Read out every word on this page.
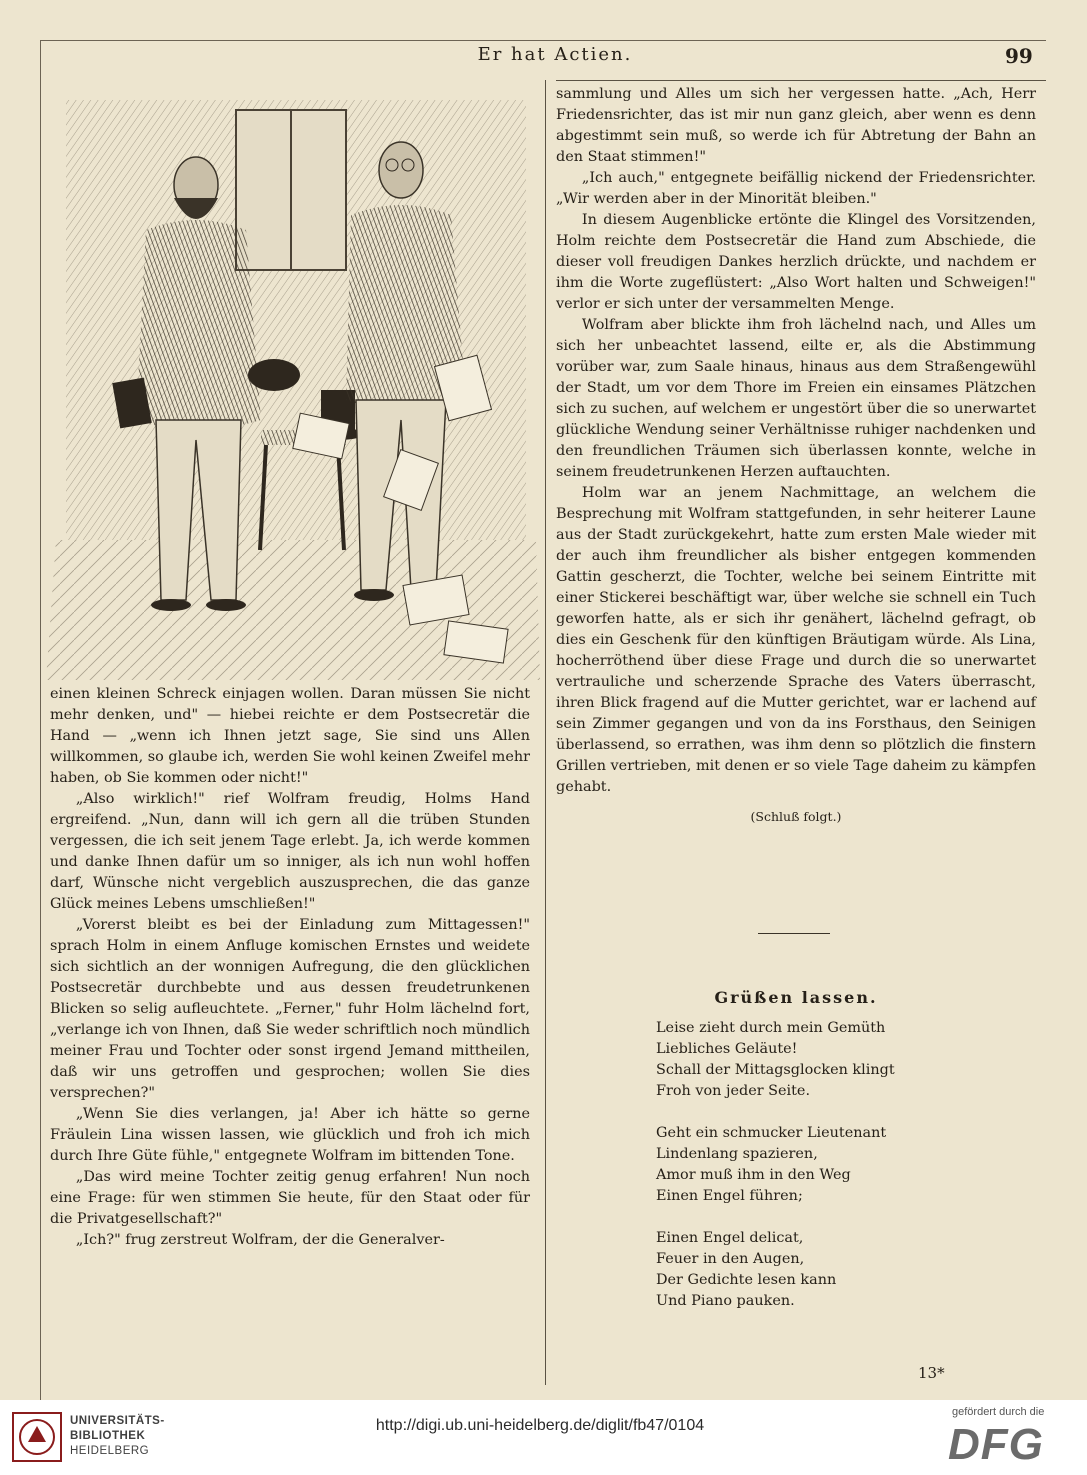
Er hat Actien.	99

einen kleinen Schreck einjagen wollen. Daran müssen Sie nicht mehr denken, und" — hiebei reichte er dem Postsecretär die Hand — „wenn ich Ihnen jetzt sage, Sie sind uns Allen willkommen, so glaube ich, werden Sie wohl keinen Zweifel mehr haben, ob Sie kommen oder nicht!"

„Also wirklich!" rief Wolfram freudig, Holms Hand ergreifend. „Nun, dann will ich gern all die trüben Stunden vergessen, die ich seit jenem Tage erlebt. Ja, ich werde kommen und danke Ihnen dafür um so inniger, als ich nun wohl hoffen darf, Wünsche nicht vergeblich auszusprechen, die das ganze Glück meines Lebens umschließen!"

„Vorerst bleibt es bei der Einladung zum Mittagessen!" sprach Holm in einem Anfluge komischen Ernstes und weidete sich sichtlich an der wonnigen Aufregung, die den glücklichen Postsecretär durchbebte und aus dessen freudetrunkenen Blicken so selig aufleuchtete. „Ferner," fuhr Holm lächelnd fort, „verlange ich von Ihnen, daß Sie weder schriftlich noch mündlich meiner Frau und Tochter oder sonst irgend Jemand mittheilen, daß wir uns getroffen und gesprochen; wollen Sie dies versprechen?"

„Wenn Sie dies verlangen, ja! Aber ich hätte so gerne Fräulein Lina wissen lassen, wie glücklich und froh ich mich durch Ihre Güte fühle," entgegnete Wolfram im bittenden Tone.

„Das wird meine Tochter zeitig genug erfahren! Nun noch eine Frage: für wen stimmen Sie heute, für den Staat oder für die Privatgesellschaft?"

„Ich?" frug zerstreut Wolfram, der die Generalver-

sammlung und Alles um sich her vergessen hatte. „Ach, Herr Friedensrichter, das ist mir nun ganz gleich, aber wenn es denn abgestimmt sein muß, so werde ich für Abtretung der Bahn an den Staat stimmen!"

„Ich auch," entgegnete beifällig nickend der Friedensrichter. „Wir werden aber in der Minorität bleiben."

In diesem Augenblicke ertönte die Klingel des Vorsitzenden, Holm reichte dem Postsecretär die Hand zum Abschiede, die dieser voll freudigen Dankes herzlich drückte, und nachdem er ihm die Worte zugeflüstert: „Also Wort halten und Schweigen!" verlor er sich unter der versammelten Menge.

Wolfram aber blickte ihm froh lächelnd nach, und Alles um sich her unbeachtet lassend, eilte er, als die Abstimmung vorüber war, zum Saale hinaus, hinaus aus dem Straßengewühl der Stadt, um vor dem Thore im Freien ein einsames Plätzchen sich zu suchen, auf welchem er ungestört über die so unerwartet glückliche Wendung seiner Verhältnisse ruhiger nachdenken und den freundlichen Träumen sich überlassen konnte, welche in seinem freudetrunkenen Herzen auftauchten.

Holm war an jenem Nachmittage, an welchem die Besprechung mit Wolfram stattgefunden, in sehr heiterer Laune aus der Stadt zurückgekehrt, hatte zum ersten Male wieder mit der auch ihm freundlicher als bisher entgegen kommenden Gattin gescherzt, die Tochter, welche bei seinem Eintritte mit einer Stickerei beschäftigt war, über welche sie schnell ein Tuch geworfen hatte, als er sich ihr genähert, lächelnd gefragt, ob dies ein Geschenk für den künftigen Bräutigam würde. Als Lina, hocherröthend über diese Frage und durch die so unerwartet vertrauliche und scherzende Sprache des Vaters überrascht, ihren Blick fragend auf die Mutter gerichtet, war er lachend auf sein Zimmer gegangen und von da ins Forsthaus, den Seinigen überlassend, so errathen, was ihm denn so plötzlich die finstern Grillen vertrieben, mit denen er so viele Tage daheim zu kämpfen gehabt.

(Schluß folgt.)
Grüßen lassen.
Leise zieht durch mein Gemüth
Liebliches Geläute!
Schall der Mittagsglocken klingt
Froh von jeder Seite.
Geht ein schmucker Lieutenant
Lindenlang spazieren,
Amor muß ihm in den Weg
Einen Engel führen;
Einen Engel delicat,
Feuer in den Augen,
Der Gedichte lesen kann
Und Piano pauken.
13*
UNIVERSITÄTS-
BIBLIOTHEK
HEIDELBERG
http://digi.ub.uni-heidelberg.de/diglit/fb47/0104
gefördert durch die
DFG
